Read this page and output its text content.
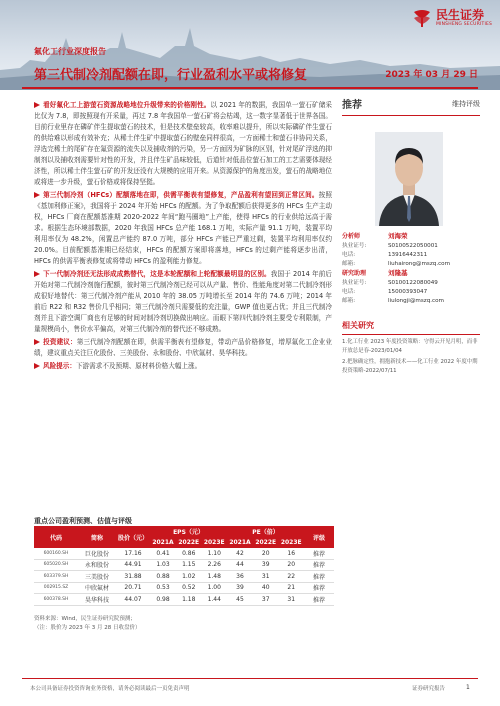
民生证券
MINSHENG SECURITIES
氟化工行业深度报告
第三代制冷剂配额在即，行业盈利水平或将修复	2023 年 03 月 29 日

看好氟化工上游萤石资源战略地位升级带来的价格刚性。以 2021 年的数据，我国单一萤石矿储采比仅为 7.8，即按照现有开采量，再过 7.8 年我国单一萤石矿将会枯竭，这一数字显著低于世界各国。目前行业里存在磷矿伴生提取萤石的技术，但是技术壁垒较高，收率难以提升，所以实际磷矿伴生萤石的供给难以形成有效补充；从稀土伴生矿中提取萤石的壁垒同样很高，一方面稀土和萤石非协同关系，浮选完稀土的尾矿存在氟资源的流失以及捕收剂的污染，另一方面因为矿脉的区别，针对尾矿浮选的抑制剂以及捕收剂需要针对性的开发，并且伴生矿品味较低，后道针对低品位萤石加工的工艺需要体现经济性，所以稀土伴生萤石矿的开发还没有大规模的应用开来。从资源保护的角度出发，萤石的战略地位或将进一步升级，萤石价格或将保持坚挺。

第三代制冷剂（HFCs）配额落地在即，供需平衡表有望修复，产品盈利有望回到正常区间。按照《基加利修正案》，我国将于 2024 年开始 HFCs 的配额。为了争取配额后获得更多的 HFCs 生产主动权，HFCs 厂商在配额基准期 2020-2022 年间“跑马圈地”上产能，使得 HFCs 的行业供给远高于需求。根据生态环境部数据，2020 年我国 HFCs 总产能 168.1 万吨，实际产量 91.1 万吨，装置平均利用率仅为 48.2%，闲置总产能约 87.0 万吨，部分 HFCs 产能已严重过剩，装置平均利用率仅约 20.0%。目前配额基准期已经结束，HFCs 的配额方案即将落地，HFCs 的过剩产能将逐步出清，HFCs 的供需平衡表修复或将带动 HFCs 的盈利能力修复。

下一代制冷剂还无法形成成熟替代，这是本轮配额和上轮配额最明显的区别。我国于 2014 年前后开始对第二代制冷剂施行配额，彼时第三代制冷剂已经可以从产量、售价、性能角度对第二代制冷剂形成很好地替代：第三代制冷剂产能从 2010 年的 38.05 万吨增长至 2014 年的 74.6 万吨；2014 年前后 R22 和 R32 售价几乎相同；第三代制冷剂只需要低的充注量，GWP 值也更占优；并且三代制冷剂并且下游空调厂商也有足够的时间对制冷剂切换做出响应。而眼下第四代制冷剂主要受专利限制，产量规模尚小，售价水平偏高，对第三代制冷剂的替代还不够成熟。

投资建议：第三代制冷剂配额在即，供需平衡表有望修复，带动产品价格修复，增厚氟化工企业业绩，建议重点关注巨化股份、三美股份、永和股份、中欣氟材、昊华科技。

风险提示：下游需求不及预期、原材料价格大幅上涨。

推荐	维持评级
分析师	刘海荣
执业证号:	S0100522050001
电话:	13916442311
邮箱:	liuhairong@mszq.com
研究助理	刘隆基
执业证号:	S0100122080049
电话:	15000393047
邮箱:	liulongji@mszq.com
相关研究
1.化工行业 2023 年度投资策略：守得云开见月明，而非开放总是春-2023/01/04
2.把脉确定性，拥抱新技术——化工行业 2022 年度中期投资策略-2022/07/11
重点公司盈利预测、估值与评级
代码	简称	股价（元）	EPS（元）			PE（倍）			评级
			2021A	2022E	2023E	2021A	2022E	2023E	
600160.SH	巨化股份	17.16	0.41	0.86	1.10	42	20	16	推荐
605020.SH	永和股份	44.91	1.03	1.15	2.26	44	39	20	推荐
603379.SH	三美股份	31.88	0.88	1.02	1.48	36	31	22	推荐
002915.SZ	中欣氟材	20.71	0.53	0.52	1.00	39	40	21	推荐
600378.SH	昊华科技	44.07	0.98	1.18	1.44	45	37	31	推荐
资料来源：Wind，民生证券研究院预测；
（注：股价为 2023 年 3 月 28 日收盘价）
本公司具备证券投资咨询业务资格，请务必阅读最后一页免责声明	证券研究报告	1
